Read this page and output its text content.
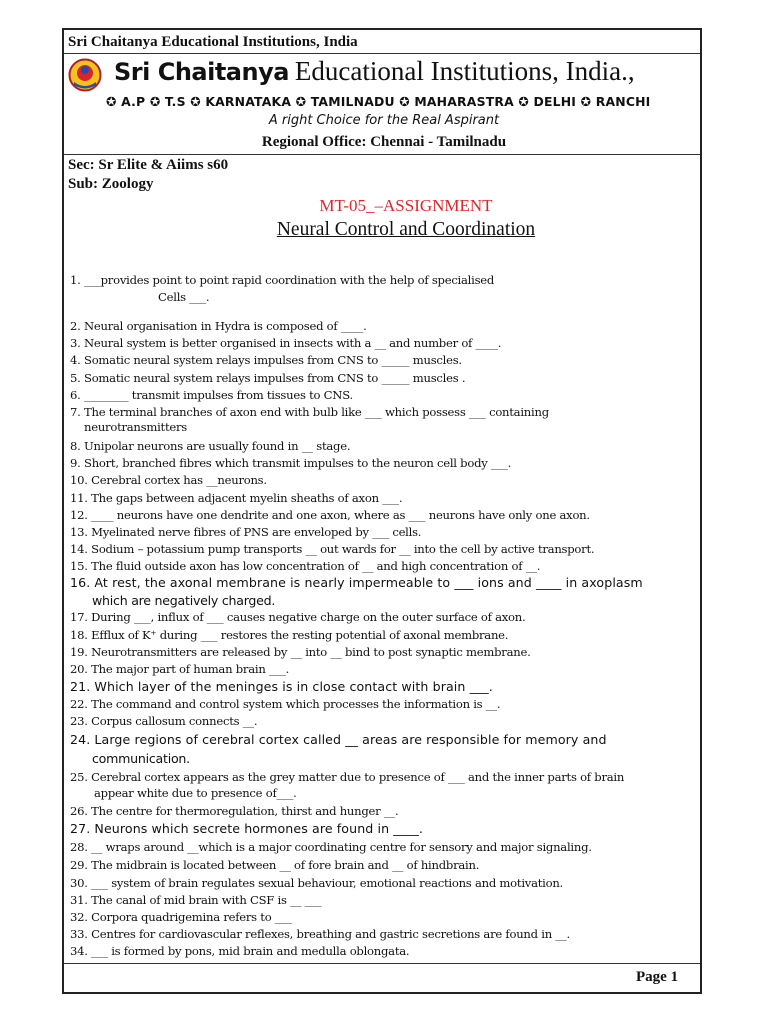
Sri Chaitanya Educational Institutions, India
Sri Chaitanya Educational Institutions, India.,
✪ A.P ✪ T.S ✪ KARNATAKA ✪ TAMILNADU ✪ MAHARASTRA ✪ DELHI ✪ RANCHI
A right Choice for the Real Aspirant
Regional Office: Chennai - Tamilnadu
Sec: Sr Elite & Aiims s60
Sub: Zoology
MT-05_–ASSIGNMENT
Neural Control and Coordination
1. ___provides point to point rapid coordination with the help of specialised
Cells ___.
2. Neural organisation in Hydra is composed of ____.
3. Neural system is better organised in insects with a __ and number of ____.
4. Somatic neural system relays impulses from CNS to _____ muscles.
5. Somatic neural system relays impulses from CNS to _____ muscles .
6. ________ transmit impulses from tissues to CNS.
7. The terminal branches of axon end with bulb like ___ which possess ___ containing
neurotransmitters
8. Unipolar neurons are usually found in __ stage.
9. Short, branched fibres which transmit impulses to the neuron cell body ___.
10. Cerebral cortex has __neurons.
11. The gaps between adjacent myelin sheaths of axon ___.
12. ____ neurons have one dendrite and one axon, where as ___ neurons have only one axon.
13. Myelinated nerve fibres of PNS are enveloped by ___ cells.
14. Sodium – potassium pump transports __ out wards for __ into the cell by active transport.
15. The fluid outside axon has low concentration of __ and high concentration of __.
16. At rest, the axonal membrane is nearly impermeable to ___ ions and ____ in axoplasm
which are negatively charged.
17. During ___, influx of ___ causes negative charge on the outer surface of axon.
18. Efflux of K⁺ during ___ restores the resting potential of axonal membrane.
19. Neurotransmitters are released by __ into __ bind to post synaptic membrane.
20. The major part of human brain ___.
21. Which layer of the meninges is in close contact with brain ___.
22. The command and control system which processes the information is __.
23. Corpus callosum connects __.
24. Large regions of cerebral cortex called __ areas are responsible for memory and
communication.
25. Cerebral cortex appears as the grey matter due to presence of ___ and the inner parts of brain
appear white due to presence of___.
26. The centre for thermoregulation, thirst and hunger __.
27. Neurons which secrete hormones are found in ____.
28. __ wraps around __which is a major coordinating centre for sensory and major signaling.
29. The midbrain is located between __ of fore brain and __ of hindbrain.
30. ___ system of brain regulates sexual behaviour, emotional reactions and motivation.
31. The canal of mid brain with CSF is __ ___
32. Corpora quadrigemina refers to ___
33. Centres for cardiovascular reflexes, breathing and gastric secretions are found in __.
34. ___ is formed by pons, mid brain and medulla oblongata.
Page 1
